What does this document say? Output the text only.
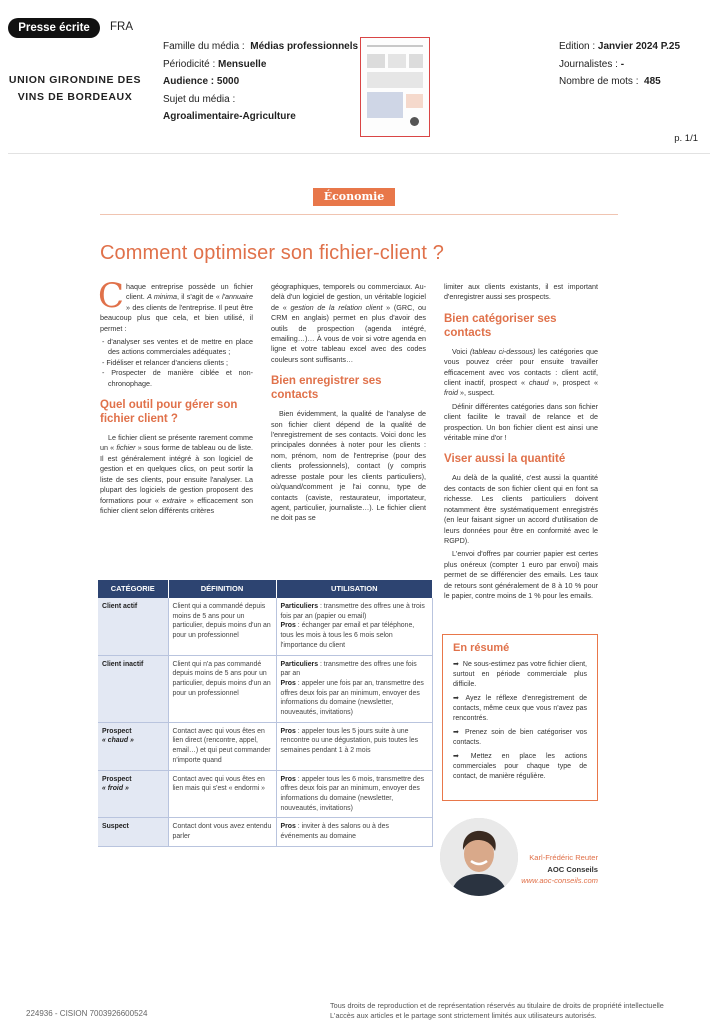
Presse écrite	FRA
UNION GIRONDINE DES
VINS DE BORDEAUX
Famille du média : Médias professionnels
Périodicité : Mensuelle
Audience : 5000
Sujet du média :
Agroalimentaire-Agriculture
Edition : Janvier 2024 P.25
Journalistes : -
Nombre de mots : 485
p. 1/1
Économie
Comment optimiser son fichier-client ?

Chaque entreprise possède un fichier client. A minima, il s'agit de « l'annuaire » des clients de l'entreprise. Il peut être beaucoup plus que cela, et bien utilisé, il permet :

- d'analyser ses ventes et de mettre en place des actions commerciales adéquates ;
- Fidéliser et relancer d'anciens clients ;
- Prospecter de manière ciblée et non-chronophage.
Quel outil pour gérer son fichier client ?

Le fichier client se présente rarement comme un « fichier » sous forme de tableau ou de liste. Il est généralement intégré à son logiciel de gestion et en quelques clics, on peut sortir la liste de ses clients, pour ensuite l'analyser. La plupart des logiciels de gestion proposent des formations pour « extraire » efficacement son fichier client selon différents critères

géographiques, temporels ou commerciaux. Au-delà d'un logiciel de gestion, un véritable logiciel de « gestion de la relation client » (GRC, ou CRM en anglais) permet en plus d'avoir des outils de prospection (agenda intégré, emailing…)… À vous de voir si votre agenda en ligne et votre tableau excel avec des codes couleurs sont suffisants…

Bien enregistrer ses contacts

Bien évidemment, la qualité de l'analyse de son fichier client dépend de la qualité de l'enregistrement de ses contacts. Voici donc les principales données à noter pour les clients : nom, prénom, nom de l'entreprise (pour des clients professionnels), contact (y compris adresse postale pour les clients particuliers), où/quand/comment je l'ai connu, type de contacts (caviste, restaurateur, importateur, agent, particulier, journaliste…). Le fichier client ne doit pas se

limiter aux clients existants, il est important d'enregistrer aussi ses prospects.

Bien catégoriser ses contacts

Voici (tableau ci-dessous) les catégories que vous pouvez créer pour ensuite travailler efficacement avec vos contacts : client actif, client inactif, prospect « chaud », prospect « froid », suspect.

Définir différentes catégories dans son fichier client facilite le travail de relance et de prospection. Un bon fichier client est ainsi une véritable mine d'or !

Viser aussi la quantité

Au delà de la qualité, c'est aussi la quantité des contacts de son fichier client qui en font sa richesse. Les clients particuliers doivent notamment être systématiquement enregistrés (en leur faisant signer un accord d'utilisation de leurs données pour être en conformité avec le RGPD).

L'envoi d'offres par courrier papier est certes plus onéreux (compter 1 euro par envoi) mais permet de se différencier des emails. Les taux de retours sont généralement de 8 à 10 % pour le papier, contre moins de 1 % pour les emails.

CATÉGORIE	DÉFINITION	UTILISATION

Client actif	Client qui a commandé depuis moins de 5 ans pour un particulier, depuis moins d'un an pour un professionnel	Particuliers : transmettre des offres une à trois fois par an (papier ou email)
Pros : échanger par email et par téléphone, tous les mois à tous les 6 mois selon l'importance du client

Client inactif	Client qui n'a pas commandé depuis moins de 5 ans pour un particulier, depuis moins d'un an pour un professionnel	Particuliers : transmettre des offres une fois par an
Pros : appeler une fois par an, transmettre des offres deux fois par an minimum, envoyer des informations du domaine (newsletter, nouveautés, invitations)

Prospect
« chaud »	Contact avec qui vous êtes en lien direct (rencontre, appel, email…) et qui peut commander n'importe quand	Pros : appeler tous les 5 jours suite à une rencontre ou une dégustation, puis toutes les semaines pendant 1 à 2 mois

Prospect
« froid »	Contact avec qui vous êtes en lien mais qui s'est « endormi »	Pros : appeler tous les 6 mois, transmettre des offres deux fois par an minimum, envoyer des informations du domaine (newsletter, nouveautés, invitations)

Suspect	Contact dont vous avez entendu parler	Pros : inviter à des salons ou à des événements au domaine
En résumé

➡ Ne sous-estimez pas votre fichier client, surtout en période commerciale plus difficile.

➡ Ayez le réflexe d'enregistrement de contacts, même ceux que vous n'avez pas rencontrés.

➡ Prenez soin de bien catégoriser vos contacts.

➡ Mettez en place les actions commerciales pour chaque type de contact, de manière régulière.

Karl-Frédéric Reuter
AOC Conseils
www.aoc-conseils.com
224936 - CISION 7003926600524
Tous droits de reproduction et de représentation réservés au titulaire de droits de propriété intellectuelle
L'accès aux articles et le partage sont strictement limités aux utilisateurs autorisés.
